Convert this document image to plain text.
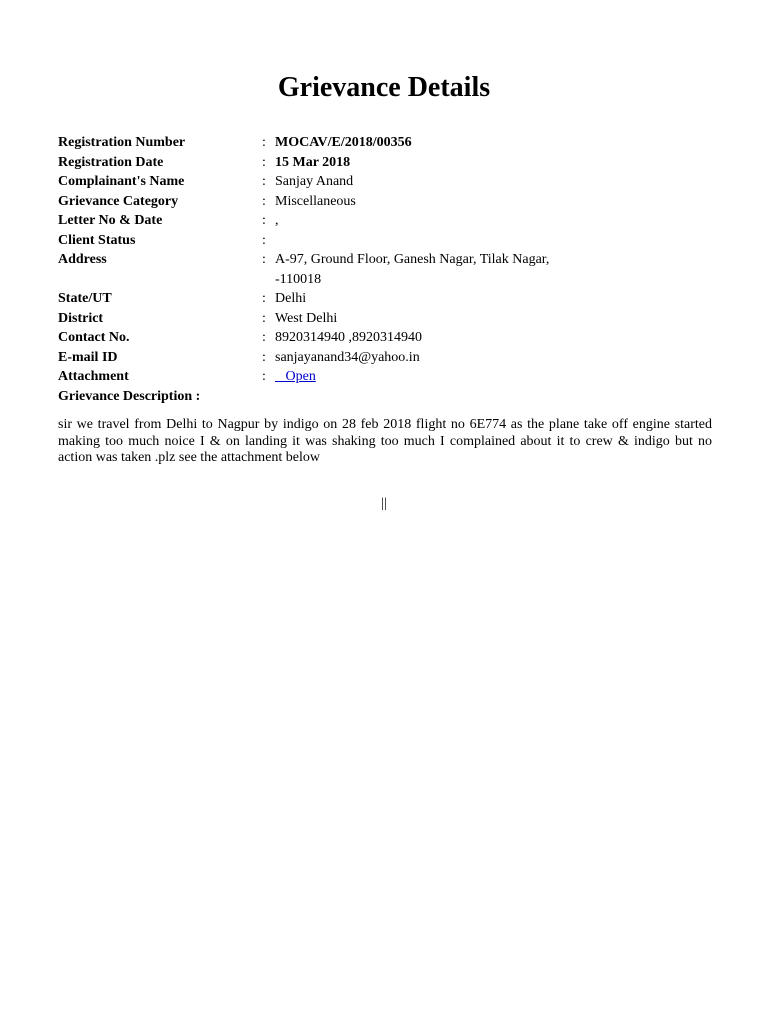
Grievance Details
Registration Number	: MOCAV/E/2018/00356
Registration Date	: 15 Mar 2018
Complainant's Name	: Sanjay Anand
Grievance Category	: Miscellaneous
Letter No & Date	: ,
Client Status	:
Address	: A-97, Ground Floor, Ganesh Nagar, Tilak Nagar,
-110018
State/UT	: Delhi
District	: West Delhi
Contact No.	: 8920314940 ,8920314940
E-mail ID	: sanjayanand34@yahoo.in
Attachment	:	Open
Grievance Description :
sir we travel from Delhi to Nagpur by indigo on 28 feb 2018 flight no 6E774 as the plane take off engine started making too much noice I & on landing it was shaking too much I complained about it to crew & indigo but no action was taken .plz see the attachment below
||
